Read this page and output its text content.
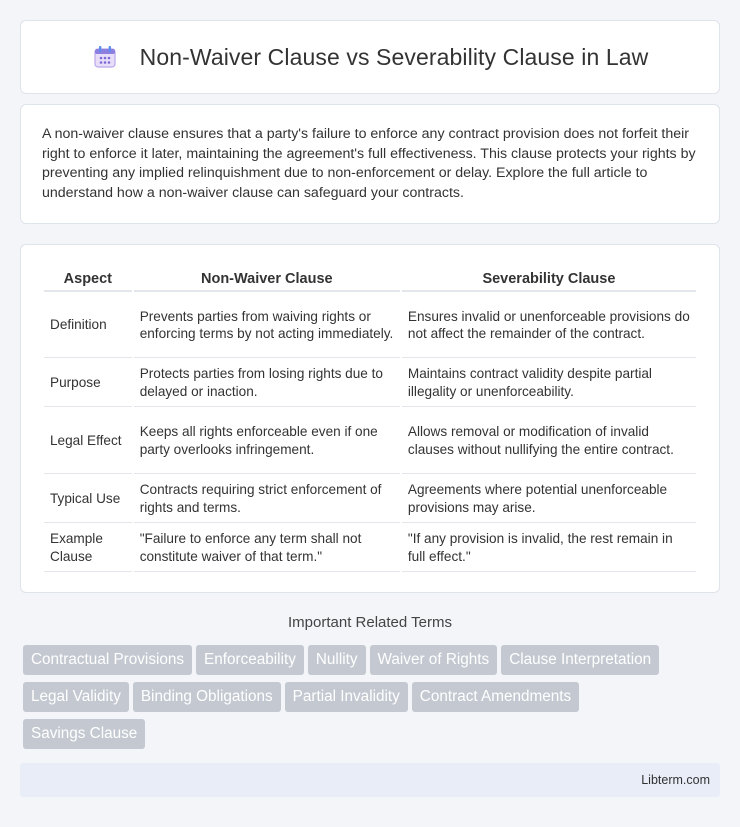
Non-Waiver Clause vs Severability Clause in Law

A non-waiver clause ensures that a party's failure to enforce any contract provision does not forfeit their right to enforce it later, maintaining the agreement's full effectiveness. This clause protects your rights by preventing any implied relinquishment due to non-enforcement or delay. Explore the full article to understand how a non-waiver clause can safeguard your contracts.

Aspect	Non-Waiver Clause	Severability Clause
Definition	Prevents parties from waiving rights or enforcing terms by not acting immediately.	Ensures invalid or unenforceable provisions do not affect the remainder of the contract.
Purpose	Protects parties from losing rights due to delayed or inaction.	Maintains contract validity despite partial illegality or unenforceability.
Legal Effect	Keeps all rights enforceable even if one party overlooks infringement.	Allows removal or modification of invalid clauses without nullifying the entire contract.
Typical Use	Contracts requiring strict enforcement of rights and terms.	Agreements where potential unenforceable provisions may arise.
Example Clause	"Failure to enforce any term shall not constitute waiver of that term."	"If any provision is invalid, the rest remain in full effect."
Important Related Terms
Contractual Provisions Enforceability Nullity Waiver of Rights Clause Interpretation
Legal Validity Binding Obligations Partial Invalidity Contract Amendments
Savings Clause
Libterm.com
